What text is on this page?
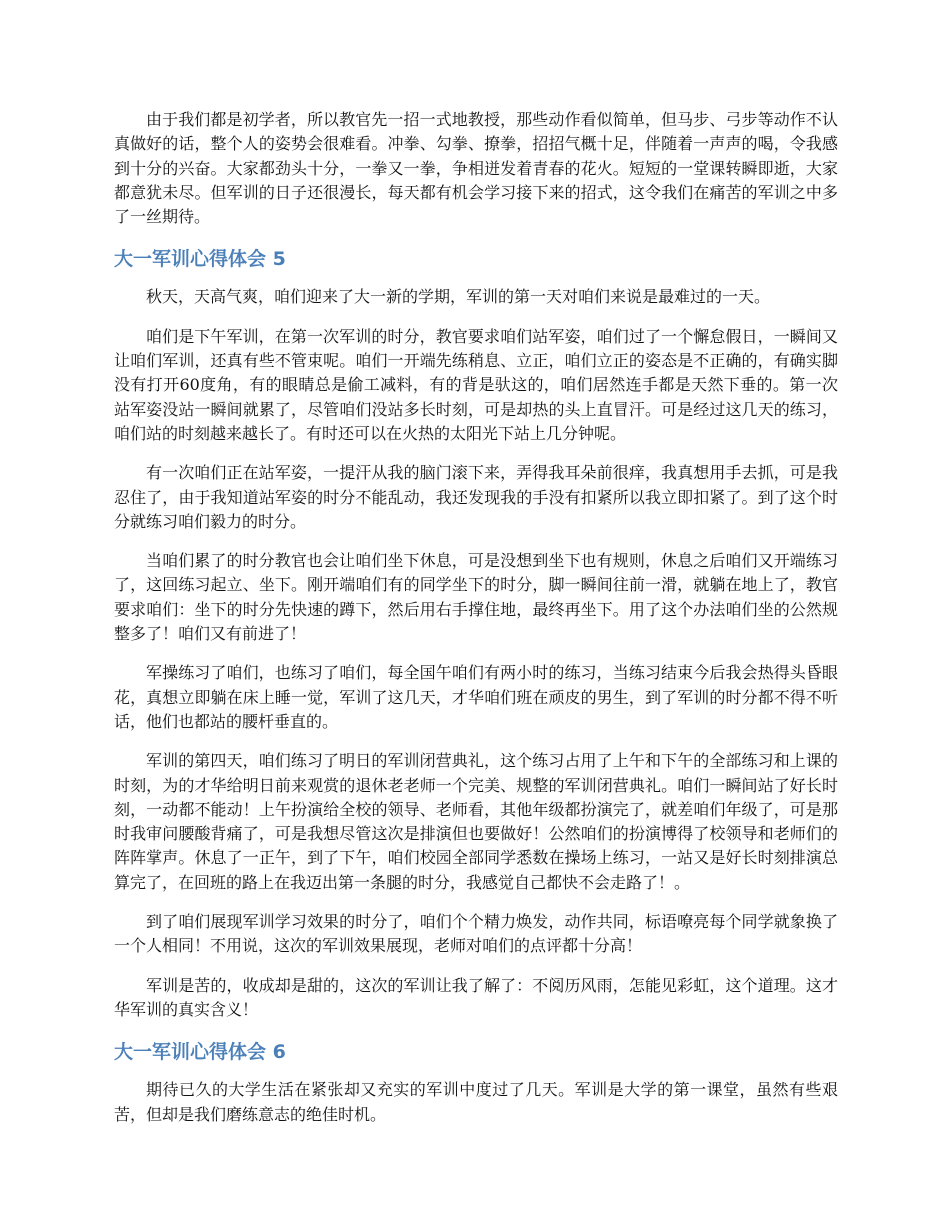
由于我们都是初学者，所以教官先一招一式地教授，那些动作看似简单，但马步、弓步等动作不认真做好的话，整个人的姿势会很难看。冲拳、勾拳、撩拳，招招气概十足，伴随着一声声的喝，令我感到十分的兴奋。大家都劲头十分，一拳又一拳，争相迸发着青春的花火。短短的一堂课转瞬即逝，大家都意犹未尽。但军训的日子还很漫长，每天都有机会学习接下来的招式，这令我们在痛苦的军训之中多了一丝期待。

大一军训心得体会 5

秋天，天高气爽，咱们迎来了大一新的学期，军训的第一天对咱们来说是最难过的一天。

咱们是下午军训，在第一次军训的时分，教官要求咱们站军姿，咱们过了一个懈怠假日，一瞬间又让咱们军训，还真有些不管束呢。咱们一开端先练稍息、立正，咱们立正的姿态是不正确的，有确实脚没有打开60度角，有的眼睛总是偷工减料，有的背是驮这的，咱们居然连手都是天然下垂的。第一次站军姿没站一瞬间就累了，尽管咱们没站多长时刻，可是却热的头上直冒汗。可是经过这几天的练习，咱们站的时刻越来越长了。有时还可以在火热的太阳光下站上几分钟呢。

有一次咱们正在站军姿，一提汗从我的脑门滚下来，弄得我耳朵前很痒，我真想用手去抓，可是我忍住了，由于我知道站军姿的时分不能乱动，我还发现我的手没有扣紧所以我立即扣紧了。到了这个时分就练习咱们毅力的时分。

当咱们累了的时分教官也会让咱们坐下休息，可是没想到坐下也有规则，休息之后咱们又开端练习了，这回练习起立、坐下。刚开端咱们有的同学坐下的时分，脚一瞬间往前一滑，就躺在地上了，教官要求咱们：坐下的时分先快速的蹲下，然后用右手撑住地，最终再坐下。用了这个办法咱们坐的公然规整多了！咱们又有前进了！

军操练习了咱们，也练习了咱们，每全国午咱们有两小时的练习，当练习结束今后我会热得头昏眼花，真想立即躺在床上睡一觉，军训了这几天，才华咱们班在顽皮的男生，到了军训的时分都不得不听话，他们也都站的腰杆垂直的。

军训的第四天，咱们练习了明日的军训闭营典礼，这个练习占用了上午和下午的全部练习和上课的时刻，为的才华给明日前来观赏的退休老老师一个完美、规整的军训闭营典礼。咱们一瞬间站了好长时刻，一动都不能动！上午扮演给全校的领导、老师看，其他年级都扮演完了，就差咱们年级了，可是那时我审问腰酸背痛了，可是我想尽管这次是排演但也要做好！公然咱们的扮演博得了校领导和老师们的阵阵掌声。休息了一正午，到了下午，咱们校园全部同学悉数在操场上练习，一站又是好长时刻排演总算完了，在回班的路上在我迈出第一条腿的时分，我感觉自己都快不会走路了！。

到了咱们展现军训学习效果的时分了，咱们个个精力焕发，动作共同，标语嘹亮每个同学就象换了一个人相同！不用说，这次的军训效果展现，老师对咱们的点评都十分高！

军训是苦的，收成却是甜的，这次的军训让我了解了：不阅历风雨，怎能见彩虹，这个道理。这才华军训的真实含义！

大一军训心得体会 6

期待已久的大学生活在紧张却又充实的军训中度过了几天。军训是大学的第一课堂，虽然有些艰苦，但却是我们磨练意志的绝佳时机。
